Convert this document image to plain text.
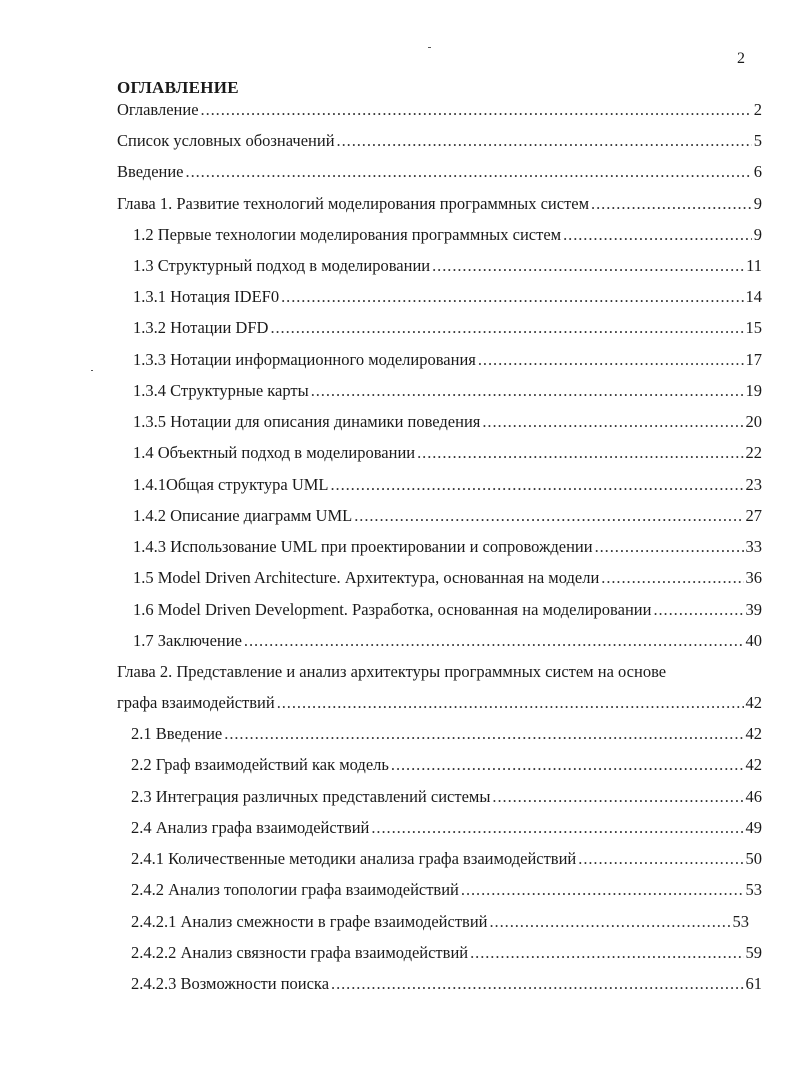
2
ОГЛАВЛЕНИЕ
Оглавление . . .	2
Список условных обозначений . . .	5
Введение . . .	6
Глава 1. Развитие технологий моделирования программных систем . . .	9
1.2 Первые технологии моделирования программных систем . . .	9
1.3 Структурный подход в моделировании . . .	11
1.3.1 Нотация IDEF0 . . .	14
1.3.2 Нотации DFD . . .	15
1.3.3 Нотации информационного моделирования . . .	17
1.3.4 Структурные карты . . .	19
1.3.5 Нотации для описания динамики поведения . . .	20
1.4 Объектный подход в моделировании . . .	22
1.4.1Общая структура UML . . .	23
1.4.2 Описание диаграмм UML . . .	27
1.4.3 Использование UML при проектировании и сопровождении . . .	33
1.5 Model Driven Architecture. Архитектура, основанная на модели . . .	36
1.6 Model Driven Development. Разработка, основанная на моделировании . . .	39
1.7 Заключение . . .	40
Глава 2. Представление и анализ архитектуры программных систем на основе
графа взаимодействий . . .	42
2.1 Введение . . .	42
2.2 Граф взаимодействий как модель . . .	42
2.3 Интеграция различных представлений системы . . .	46
2.4 Анализ графа взаимодействий . . .	49
2.4.1 Количественные методики анализа графа взаимодействий . . .	50
2.4.2 Анализ топологии графа взаимодействий . . .	53
2.4.2.1 Анализ смежности в графе взаимодействий . . .	53
2.4.2.2 Анализ связности графа взаимодействий . . .	59
2.4.2.3 Возможности поиска . . .	61
